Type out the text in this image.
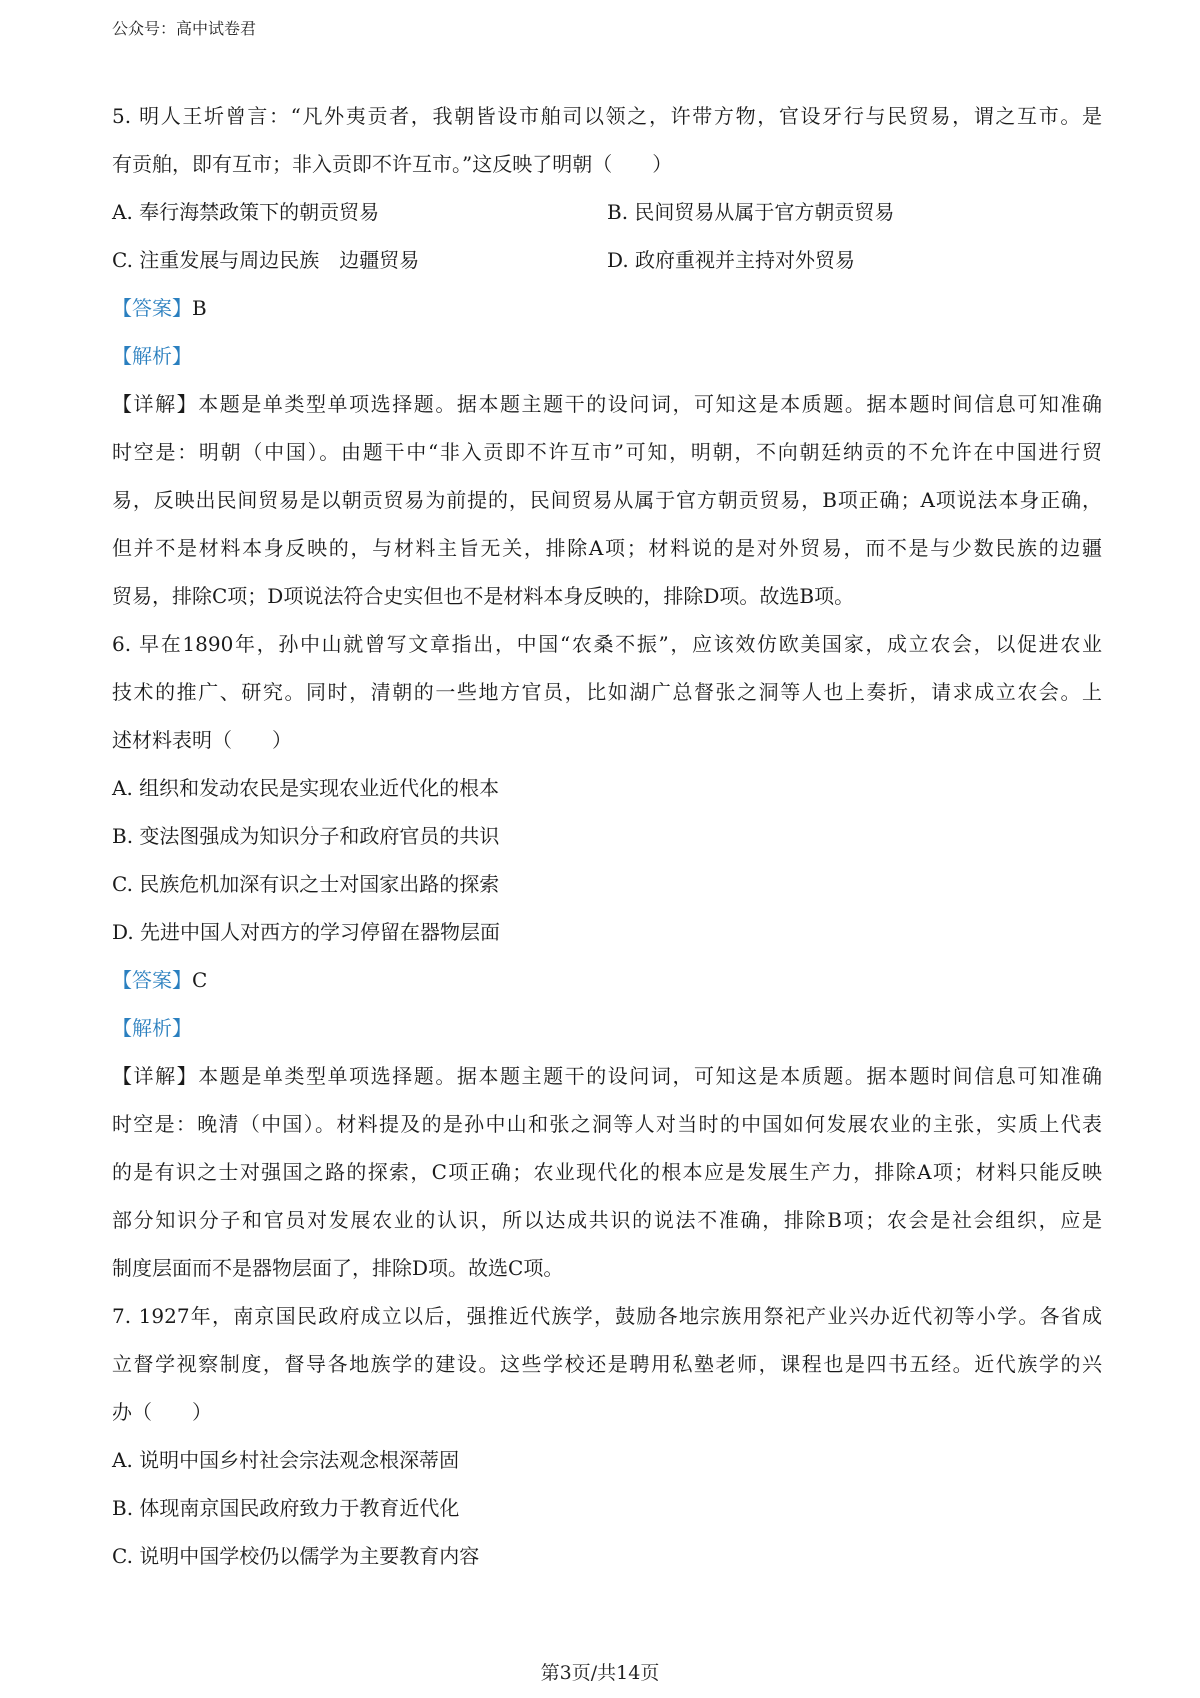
公众号：高中试卷君
5. 明人王圻曾言：“凡外夷贡者，我朝皆设市舶司以领之，许带方物，官设牙行与民贸易，谓之互市。是
有贡舶，即有互市；非入贡即不许互市。”这反映了明朝（　　）
A. 奉行海禁政策下的朝贡贸易	B. 民间贸易从属于官方朝贡贸易
C. 注重发展与周边民族　边疆贸易	D. 政府重视并主持对外贸易
【答案】B
【解析】
【详解】本题是单类型单项选择题。据本题主题干的设问词，可知这是本质题。据本题时间信息可知准确
时空是：明朝（中国）。由题干中“非入贡即不许互市”可知，明朝，不向朝廷纳贡的不允许在中国进行贸
易，反映出民间贸易是以朝贡贸易为前提的，民间贸易从属于官方朝贡贸易，B项正确；A项说法本身正确，
但并不是材料本身反映的，与材料主旨无关，排除A项；材料说的是对外贸易，而不是与少数民族的边疆
贸易，排除C项；D项说法符合史实但也不是材料本身反映的，排除D项。故选B项。
6. 早在1890年，孙中山就曾写文章指出，中国“农桑不振”，应该效仿欧美国家，成立农会，以促进农业
技术的推广、研究。同时，清朝的一些地方官员，比如湖广总督张之洞等人也上奏折，请求成立农会。上
述材料表明（　　）
A. 组织和发动农民是实现农业近代化的根本
B. 变法图强成为知识分子和政府官员的共识
C. 民族危机加深有识之士对国家出路的探索
D. 先进中国人对西方的学习停留在器物层面
【答案】C
【解析】
【详解】本题是单类型单项选择题。据本题主题干的设问词，可知这是本质题。据本题时间信息可知准确
时空是：晚清（中国）。材料提及的是孙中山和张之洞等人对当时的中国如何发展农业的主张，实质上代表
的是有识之士对强国之路的探索，C项正确；农业现代化的根本应是发展生产力，排除A项；材料只能反映
部分知识分子和官员对发展农业的认识，所以达成共识的说法不准确，排除B项；农会是社会组织，应是
制度层面而不是器物层面了，排除D项。故选C项。
7. 1927年，南京国民政府成立以后，强推近代族学，鼓励各地宗族用祭祀产业兴办近代初等小学。各省成
立督学视察制度，督导各地族学的建设。这些学校还是聘用私塾老师，课程也是四书五经。近代族学的兴
办（　　）
A. 说明中国乡村社会宗法观念根深蒂固
B. 体现南京国民政府致力于教育近代化
C. 说明中国学校仍以儒学为主要教育内容
第3页/共14页
